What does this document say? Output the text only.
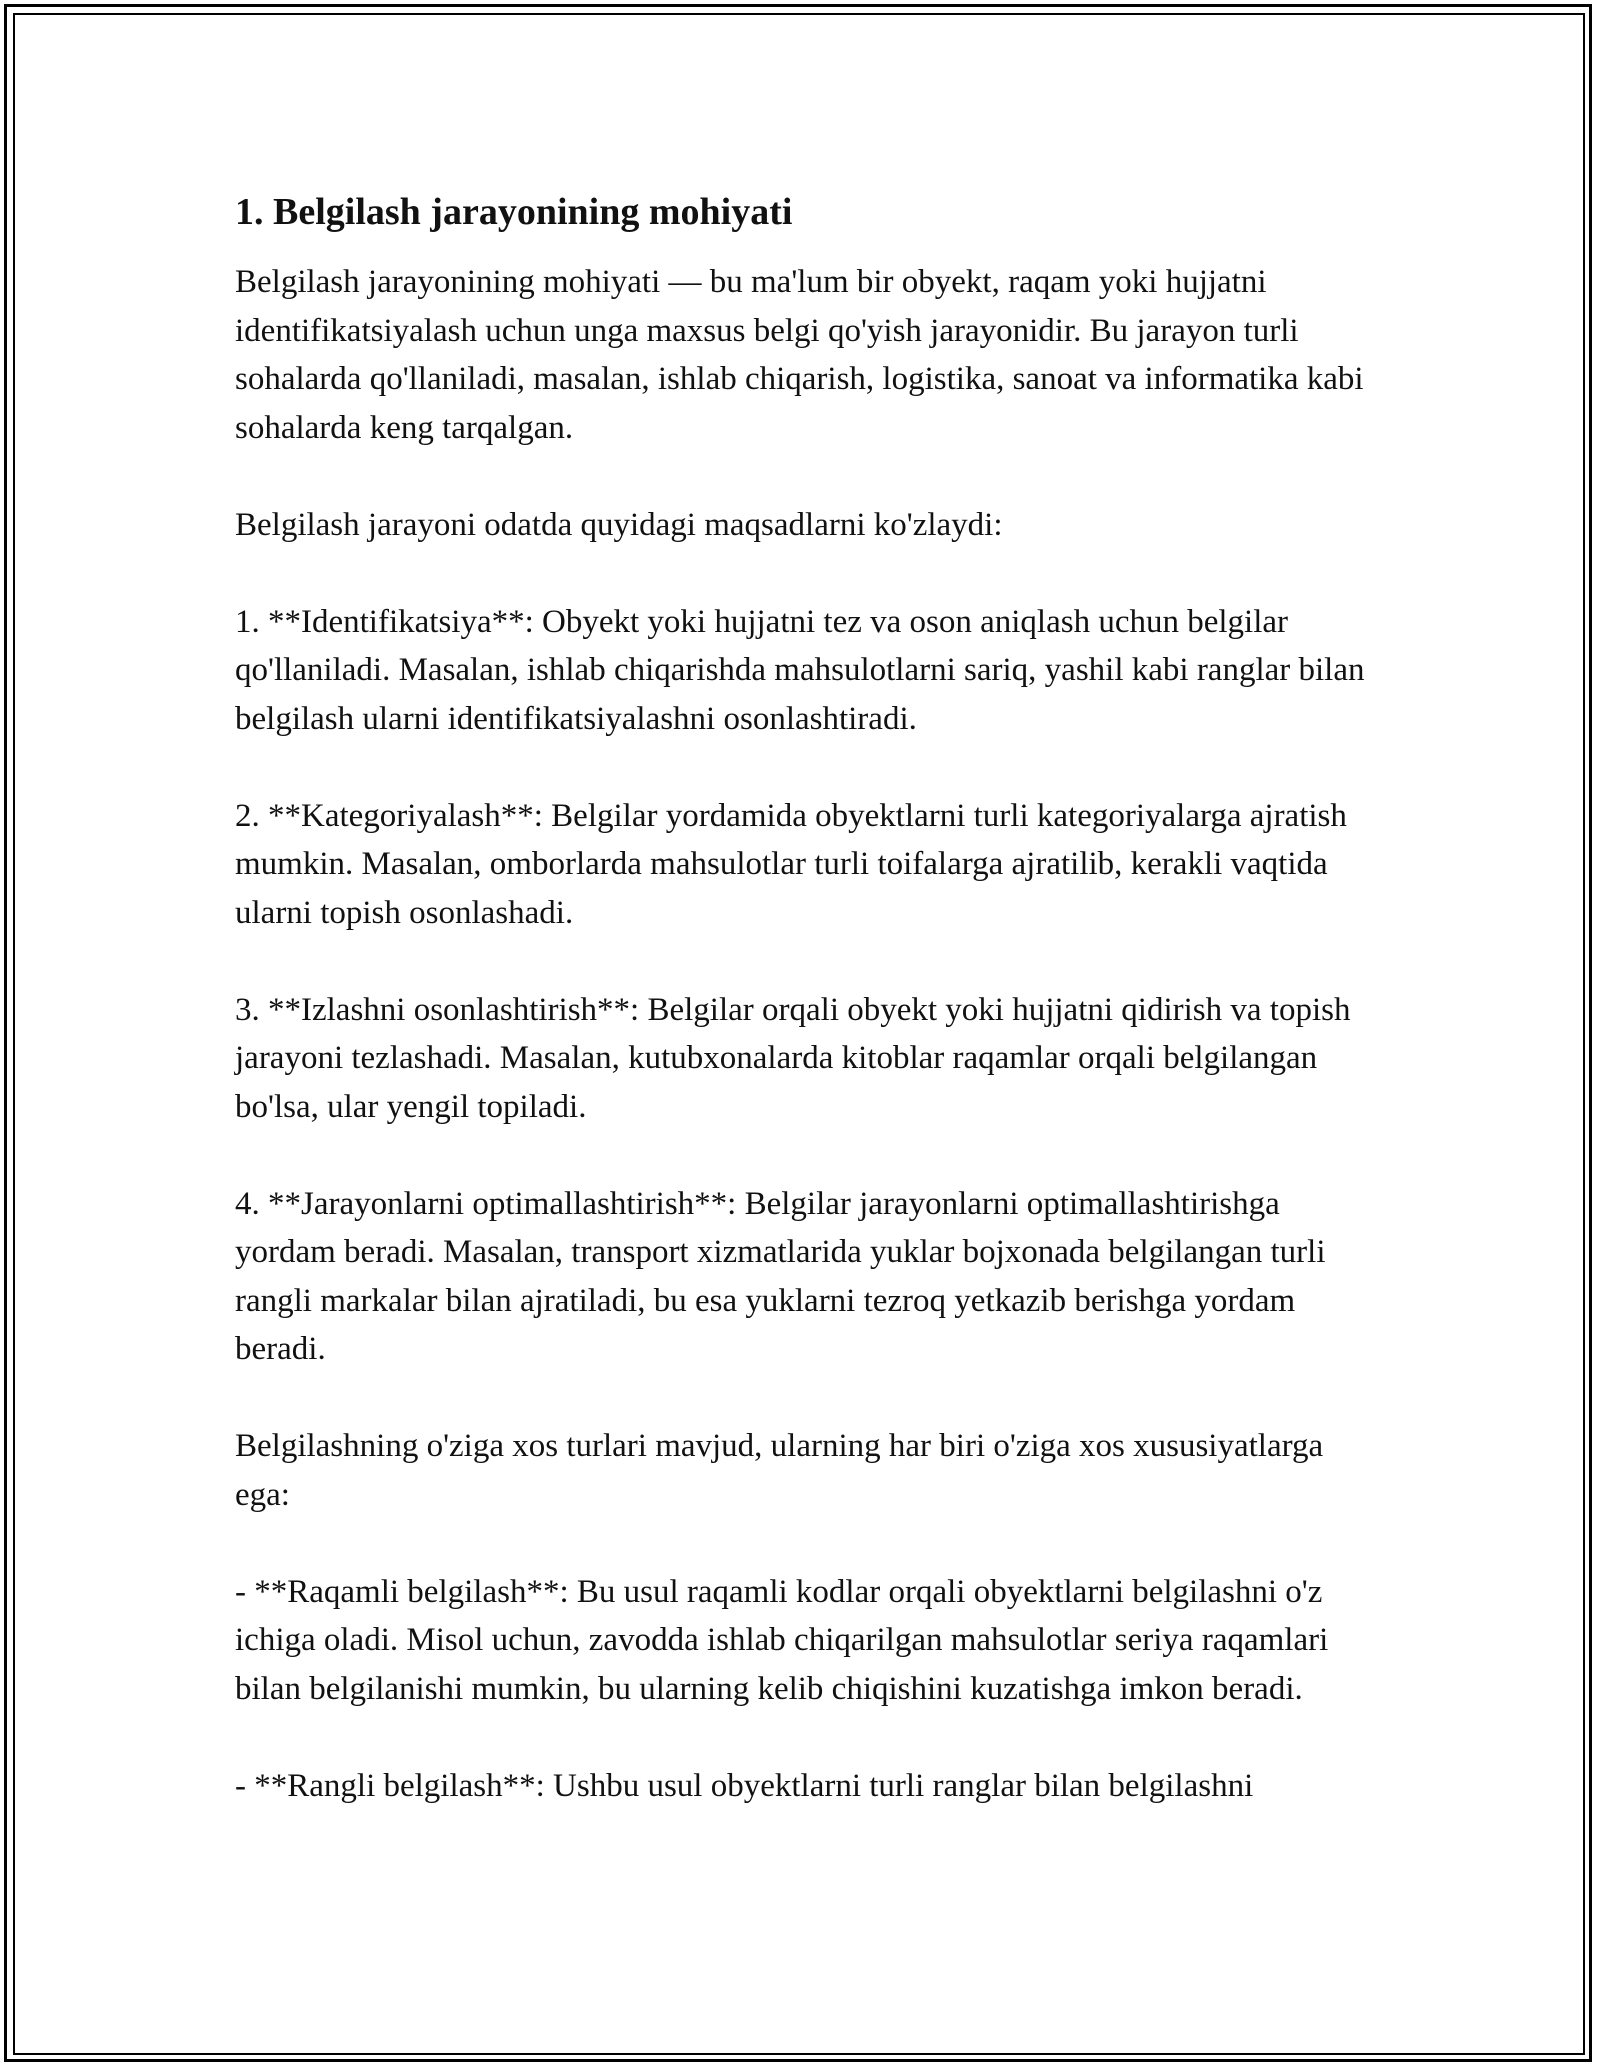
1. Belgilash jarayonining mohiyati

Belgilash jarayonining mohiyati — bu ma'lum bir obyekt, raqam yoki hujjatni identifikatsiyalash uchun unga maxsus belgi qo'yish jarayonidir. Bu jarayon turli sohalarda qo'llaniladi, masalan, ishlab chiqarish, logistika, sanoat va informatika kabi sohalarda keng tarqalgan.

Belgilash jarayoni odatda quyidagi maqsadlarni ko'zlaydi:

1. **Identifikatsiya**: Obyekt yoki hujjatni tez va oson aniqlash uchun belgilar qo'llaniladi. Masalan, ishlab chiqarishda mahsulotlarni sariq, yashil kabi ranglar bilan belgilash ularni identifikatsiyalashni osonlashtiradi.

2. **Kategoriyalash**: Belgilar yordamida obyektlarni turli kategoriyalarga ajratish mumkin. Masalan, omborlarda mahsulotlar turli toifalarga ajratilib, kerakli vaqtida ularni topish osonlashadi.

3. **Izlashni osonlashtirish**: Belgilar orqali obyekt yoki hujjatni qidirish va topish jarayoni tezlashadi. Masalan, kutubxonalarda kitoblar raqamlar orqali belgilangan bo'lsa, ular yengil topiladi.

4. **Jarayonlarni optimallashtirish**: Belgilar jarayonlarni optimallashtirishga yordam beradi. Masalan, transport xizmatlarida yuklar bojxonada belgilangan turli rangli markalar bilan ajratiladi, bu esa yuklarni tezroq yetkazib berishga yordam beradi.

Belgilashning o'ziga xos turlari mavjud, ularning har biri o'ziga xos xususiyatlarga ega:

- **Raqamli belgilash**: Bu usul raqamli kodlar orqali obyektlarni belgilashni o'z ichiga oladi. Misol uchun, zavodda ishlab chiqarilgan mahsulotlar seriya raqamlari bilan belgilanishi mumkin, bu ularning kelib chiqishini kuzatishga imkon beradi.

- **Rangli belgilash**: Ushbu usul obyektlarni turli ranglar bilan belgilashni
